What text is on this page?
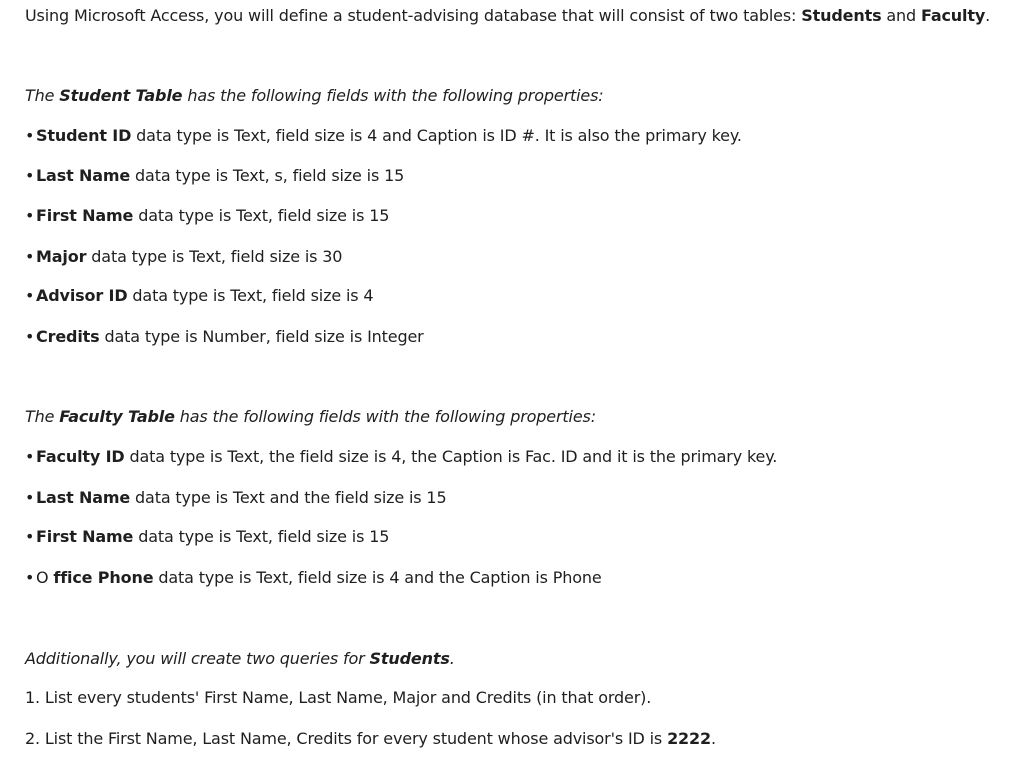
Using Microsoft Access, you will define a student-advising database that will consist of two tables: Students and Faculty.
The Student Table has the following fields with the following properties:
• Student ID data type is Text, field size is 4 and Caption is ID #. It is also the primary key.
• Last Name data type is Text, s, field size is 15
• First Name data type is Text, field size is 15
• Major data type is Text, field size is 30
• Advisor ID data type is Text, field size is 4
• Credits data type is Number, field size is Integer
The Faculty Table has the following fields with the following properties:
• Faculty ID data type is Text, the field size is 4, the Caption is Fac. ID and it is the primary key.
• Last Name data type is Text and the field size is 15
• First Name data type is Text, field size is 15
• O ffice Phone data type is Text, field size is 4 and the Caption is Phone
Additionally, you will create two queries for Students.
1. List every students' First Name, Last Name, Major and Credits (in that order).
2. List the First Name, Last Name, Credits for every student whose advisor's ID is 2222.
